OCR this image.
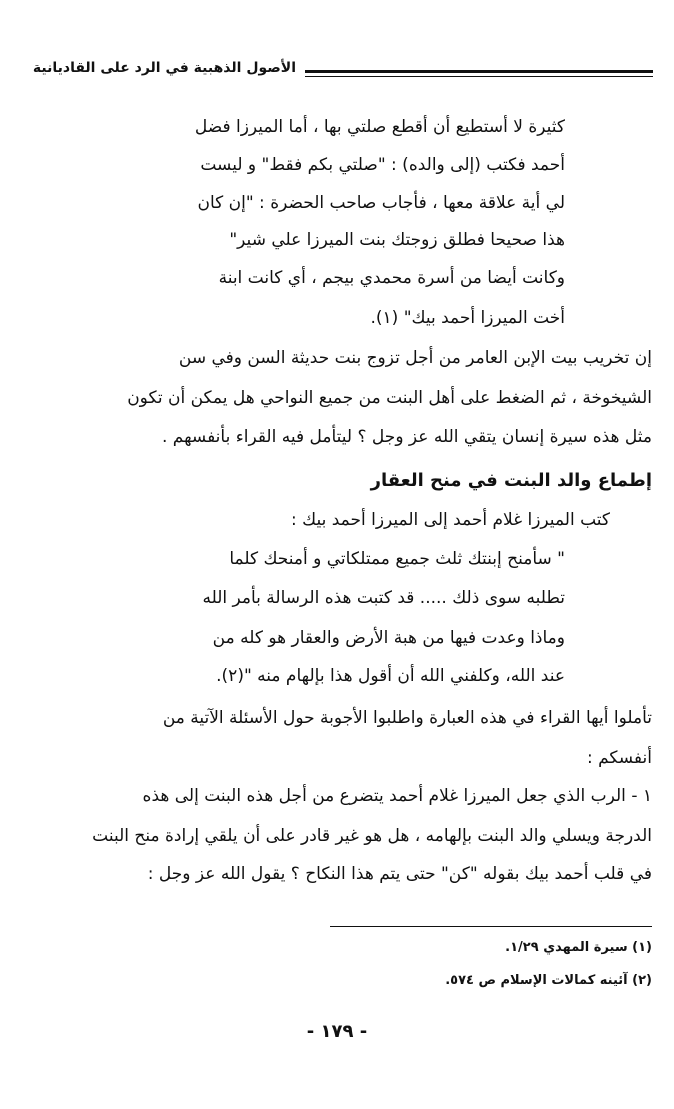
الأصول الذهبية في الرد على القاديانية
كثيرة لا أستطيع أن أقطع صلتي بها ، أما الميرزا فضل
أحمد فكتب (إلى والده) : "صلتي بكم فقط" و ليست
لي أية علاقة معها ، فأجاب صاحب الحضرة : "إن كان
هذا صحيحا فطلق زوجتك بنت الميرزا علي شير"
وكانت أيضا من أسرة محمدي بيجم ، أي كانت ابنة
أخت الميرزا أحمد بيك" (١).
إن تخريب بيت الإبن العامر من أجل تزوج بنت حديثة السن وفي سن
الشيخوخة ، ثم الضغط على أهل البنت من جميع النواحي هل يمكن أن تكون
مثل هذه سيرة إنسان يتقي الله عز وجل ؟ ليتأمل فيه القراء بأنفسهم .
إطماع والد البنت في منح العقار
كتب الميرزا غلام أحمد إلى الميرزا أحمد بيك :
" سأمنح إبنتك ثلث جميع ممتلكاتي و أمنحك كلما
تطلبه سوى ذلك ..... قد كتبت هذه الرسالة بأمر الله
وماذا وعدت فيها من هبة الأرض والعقار هو كله من
عند الله، وكلفني الله أن أقول هذا بإلهام منه "(٢).
تأملوا أيها القراء في هذه العبارة واطلبوا الأجوبة حول الأسئلة الآتية من
أنفسكم :
١ - الرب الذي جعل الميرزا غلام أحمد يتضرع من أجل هذه البنت إلى هذه
الدرجة ويسلي والد البنت بإلهامه ، هل هو غير قادر على أن يلقي إرادة منح البنت
في قلب أحمد بيك بقوله "كن" حتى يتم هذا النكاح ؟ يقول الله عز وجل :
(١) سيرة المهدي ١/٢٩.
(٢) آئينه كمالات الإسلام ص ٥٧٤.
- ١٧٩ -
